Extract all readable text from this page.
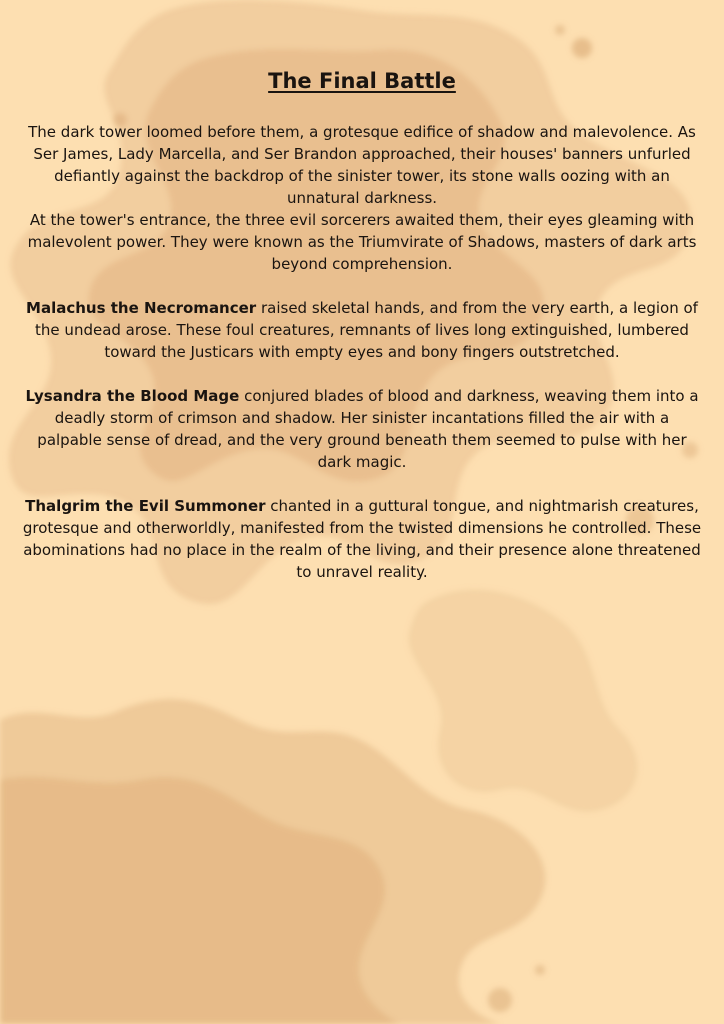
The Final Battle

The dark tower loomed before them, a grotesque edifice of shadow and malevolence. As Ser James, Lady Marcella, and Ser Brandon approached, their houses' banners unfurled defiantly against the backdrop of the sinister tower, its stone walls oozing with an unnatural darkness.

At the tower's entrance, the three evil sorcerers awaited them, their eyes gleaming with malevolent power. They were known as the Triumvirate of Shadows, masters of dark arts beyond comprehension.

Malachus the Necromancer raised skeletal hands, and from the very earth, a legion of the undead arose. These foul creatures, remnants of lives long extinguished, lumbered toward the Justicars with empty eyes and bony fingers outstretched.

Lysandra the Blood Mage conjured blades of blood and darkness, weaving them into a deadly storm of crimson and shadow. Her sinister incantations filled the air with a palpable sense of dread, and the very ground beneath them seemed to pulse with her dark magic.

Thalgrim the Evil Summoner chanted in a guttural tongue, and nightmarish creatures, grotesque and otherworldly, manifested from the twisted dimensions he controlled. These abominations had no place in the realm of the living, and their presence alone threatened to unravel reality.
